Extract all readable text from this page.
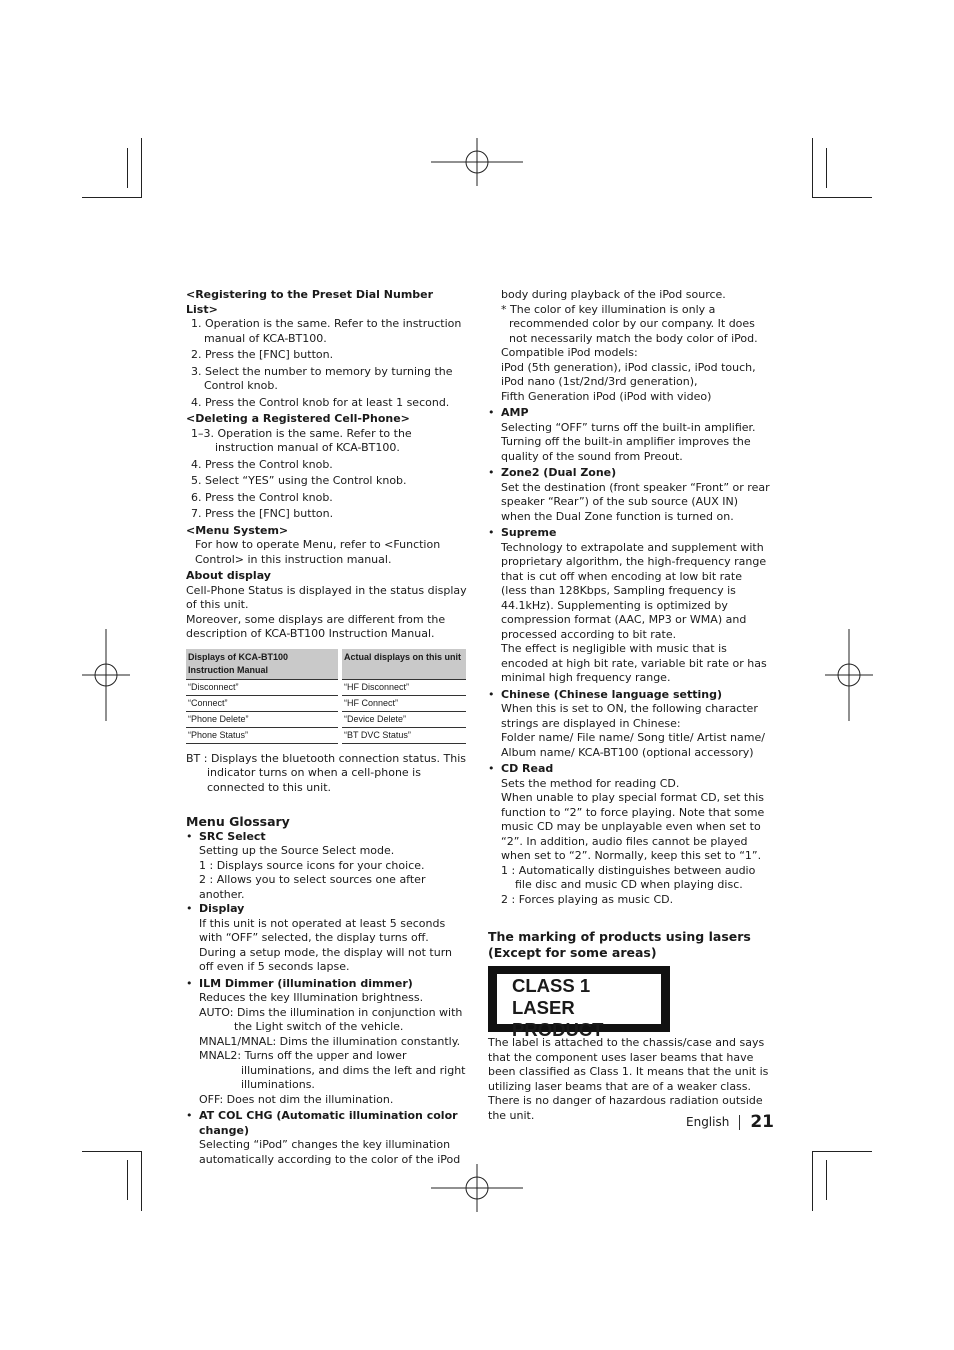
<Registering to the Preset Dial Number List>

1. Operation is the same. Refer to the instruction manual of KCA-BT100.

2. Press the [FNC] button.

3. Select the number to memory by turning the Control knob.

4. Press the Control knob for at least 1 second.

<Deleting a Registered Cell-Phone>

1–3. Operation is the same. Refer to the instruction manual of KCA-BT100.

4. Press the Control knob.

5. Select “YES” using the Control knob.

6. Press the Control knob.

7. Press the [FNC] button.

<Menu System>

For how to operate Menu, refer to <Function Control> in this instruction manual.

About display

Cell-Phone Status is displayed in the status display of this unit.

Moreover, some displays are different from the description of KCA-BT100 Instruction Manual.

Displays of KCA-BT100 Instruction Manual	Actual displays on this unit
“Disconnect”	“HF Disconnect”
“Connect”	“HF Connect”
“Phone Delete”	“Device Delete”
“Phone Status”	“BT DVC Status”

BT : Displays the bluetooth connection status. This indicator turns on when a cell-phone is connected to this unit.

Menu Glossary

• SRC Select

Setting up the Source Select mode.

1 : Displays source icons for your choice.

2 : Allows you to select sources one after another.

• Display

If this unit is not operated at least 5 seconds with “OFF” selected, the display turns off. During a setup mode, the display will not turn off even if 5 seconds lapse.

• ILM Dimmer (illumination dimmer)

Reduces the key Illumination brightness.

AUTO: Dims the illumination in conjunction with the Light switch of the vehicle.

MNAL1/MNAL: Dims the illumination constantly.

MNAL2: Turns off the upper and lower illuminations, and dims the left and right illuminations.

OFF: Does not dim the illumination.

• AT COL CHG (Automatic illumination color change)

Selecting “iPod” changes the key illumination automatically according to the color of the iPod

body during playback of the iPod source.

* The color of key illumination is only a recommended color by our company. It does not necessarily match the body color of iPod.

Compatible iPod models:

iPod (5th generation), iPod classic, iPod touch,

iPod nano (1st/2nd/3rd generation),

Fifth Generation iPod (iPod with video)

• AMP

Selecting “OFF” turns off the built-in amplifier. Turning off the built-in amplifier improves the quality of the sound from Preout.

• Zone2 (Dual Zone)

Set the destination (front speaker “Front” or rear speaker “Rear”) of the sub source (AUX IN) when the Dual Zone function is turned on.

• Supreme

Technology to extrapolate and supplement with proprietary algorithm, the high-frequency range that is cut off when encoding at low bit rate (less than 128Kbps, Sampling frequency is 44.1kHz). Supplementing is optimized by compression format (AAC, MP3 or WMA) and processed according to bit rate.

The effect is negligible with music that is encoded at high bit rate, variable bit rate or has minimal high frequency range.

• Chinese (Chinese language setting)

When this is set to ON, the following character strings are displayed in Chinese:

Folder name/ File name/ Song title/ Artist name/ Album name/ KCA-BT100 (optional accessory)

• CD Read

Sets the method for reading CD.

When unable to play special format CD, set this function to “2” to force playing. Note that some music CD may be unplayable even when set to “2”. In addition, audio files cannot be played when set to “2”. Normally, keep this set to “1”.

1 : Automatically distinguishes between audio file disc and music CD when playing disc.

2 : Forces playing as music CD.

The marking of products using lasers (Except for some areas)

CLASS 1
LASER PRODUCT

The label is attached to the chassis/case and says that the component uses laser beams that have been classified as Class 1. It means that the unit is utilizing laser beams that are of a weaker class. There is no danger of hazardous radiation outside the unit.	English 21
